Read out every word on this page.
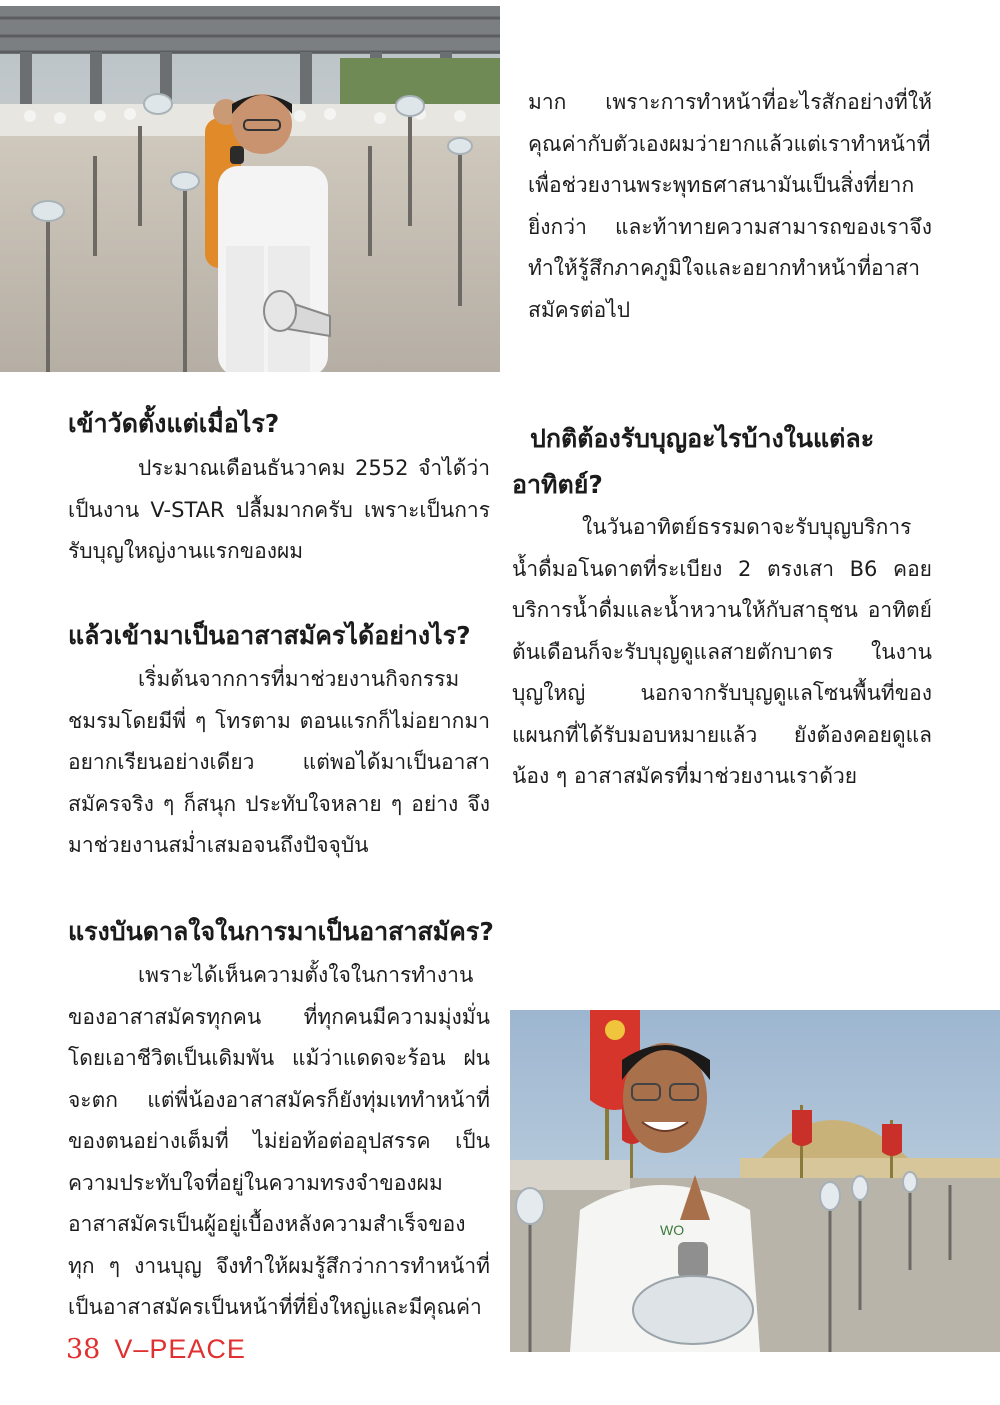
มาก เพราะการทำหน้าที่อะไรสักอย่างที่ให้คุณค่ากับตัวเองผมว่ายากแล้วแต่เราทำหน้าที่เพื่อช่วยงานพระพุทธศาสนามันเป็นสิ่งที่ยากยิ่งกว่า และท้าทายความสามารถของเราจึงทำให้รู้สึกภาคภูมิใจและอยากทำหน้าที่อาสาสมัครต่อไป

เข้าวัดตั้งแต่เมื่อไร?

ประมาณเดือนธันวาคม 2552 จำได้ว่าเป็นงาน V-STAR ปลื้มมากครับ เพราะเป็นการรับบุญใหญ่งานแรกของผม

แล้วเข้ามาเป็นอาสาสมัครได้อย่างไร?

เริ่มต้นจากการที่มาช่วยงานกิจกรรมชมรมโดยมีพี่ ๆ โทรตาม ตอนแรกก็ไม่อยากมาอยากเรียนอย่างเดียว แต่พอได้มาเป็นอาสาสมัครจริง ๆ ก็สนุก ประทับใจหลาย ๆ อย่าง จึงมาช่วยงานสม่ำเสมอจนถึงปัจจุบัน

แรงบันดาลใจในการมาเป็นอาสาสมัคร?

เพราะได้เห็นความตั้งใจในการทำงานของอาสาสมัครทุกคน ที่ทุกคนมีความมุ่งมั่นโดยเอาชีวิตเป็นเดิมพัน แม้ว่าแดดจะร้อน ฝนจะตก แต่พี่น้องอาสาสมัครก็ยังทุ่มเททำหน้าที่ของตนอย่างเต็มที่ ไม่ย่อท้อต่ออุปสรรค เป็นความประทับใจที่อยู่ในความทรงจำของผม อาสาสมัครเป็นผู้อยู่เบื้องหลังความสำเร็จของทุก ๆ งานบุญ จึงทำให้ผมรู้สึกว่าการทำหน้าที่เป็นอาสาสมัครเป็นหน้าที่ที่ยิ่งใหญ่และมีคุณค่า

ปกติต้องรับบุญอะไรบ้างในแต่ละ
อาทิตย์?

ในวันอาทิตย์ธรรมดาจะรับบุญบริการน้ำดื่มอโนดาตที่ระเบียง 2 ตรงเสา B6 คอยบริการน้ำดื่มและน้ำหวานให้กับสาธุชน อาทิตย์ต้นเดือนก็จะรับบุญดูแลสายตักบาตร ในงานบุญใหญ่ นอกจากรับบุญดูแลโซนพื้นที่ของแผนกที่ได้รับมอบหมายแล้ว ยังต้องคอยดูแลน้อง ๆ อาสาสมัครที่มาช่วยงานเราด้วย

WO
38 V–PEACE
